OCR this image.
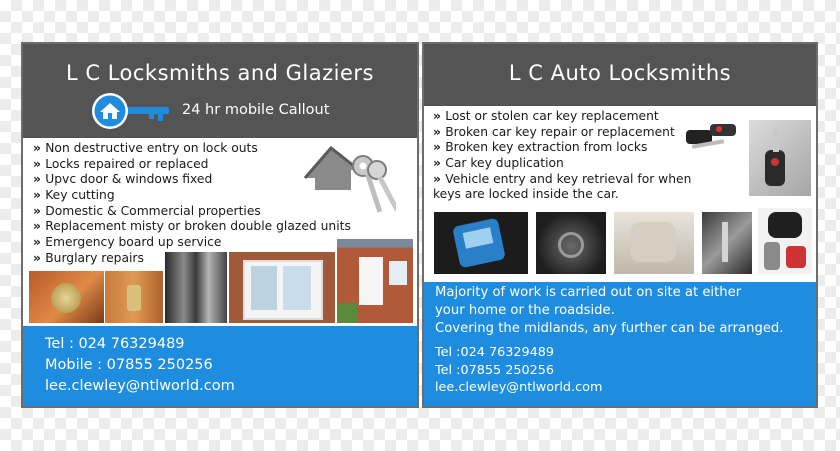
L C Locksmiths and Glaziers
24 hr mobile Callout
» Non destructive entry on lock outs
» Locks repaired or replaced
» Upvc door & windows fixed
» Key cutting
» Domestic & Commercial properties
» Replacement misty or broken double glazed units
» Emergency board up service
» Burglary repairs
Tel : 024 76329489
Mobile : 07855 250256
lee.clewley@ntlworld.com
L C Auto Locksmiths
» Lost or stolen car key replacement
» Broken car key repair or replacement
» Broken key extraction from locks
» Car key duplication
» Vehicle entry and key retrieval for when
keys are locked inside the car.
Majority of work is carried out on site at either
your home or the roadside.
Covering the midlands, any further can be arranged.
Tel :024 76329489
Tel :07855 250256
lee.clewley@ntlworld.com
